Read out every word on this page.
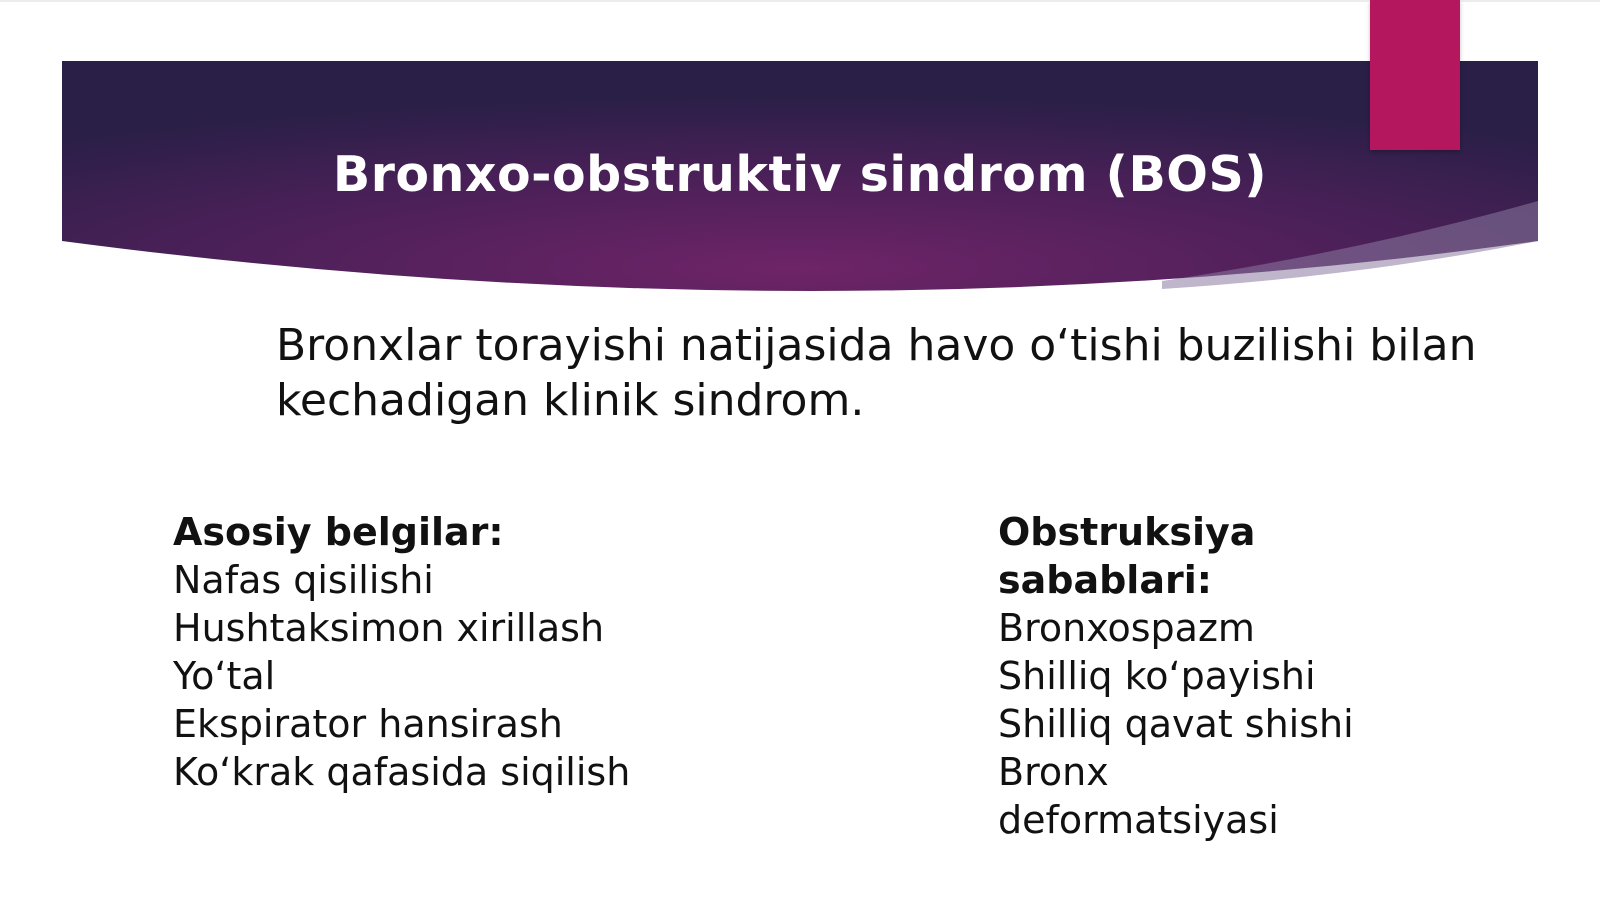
Bronxo-obstruktiv sindrom (BOS)

Bronxlar torayishi natijasida havo o‘tishi buzilishi bilan kechadigan klinik sindrom.

Asosiy belgilar:
Nafas qisilishi
Hushtaksimon xirillash
Yo‘tal
Ekspirator hansirash
Ko‘krak qafasida siqilish
Obstruksiya
sabablari:
Bronxospazm
Shilliq ko‘payishi
Shilliq qavat shishi
Bronx
deformatsiyasi
